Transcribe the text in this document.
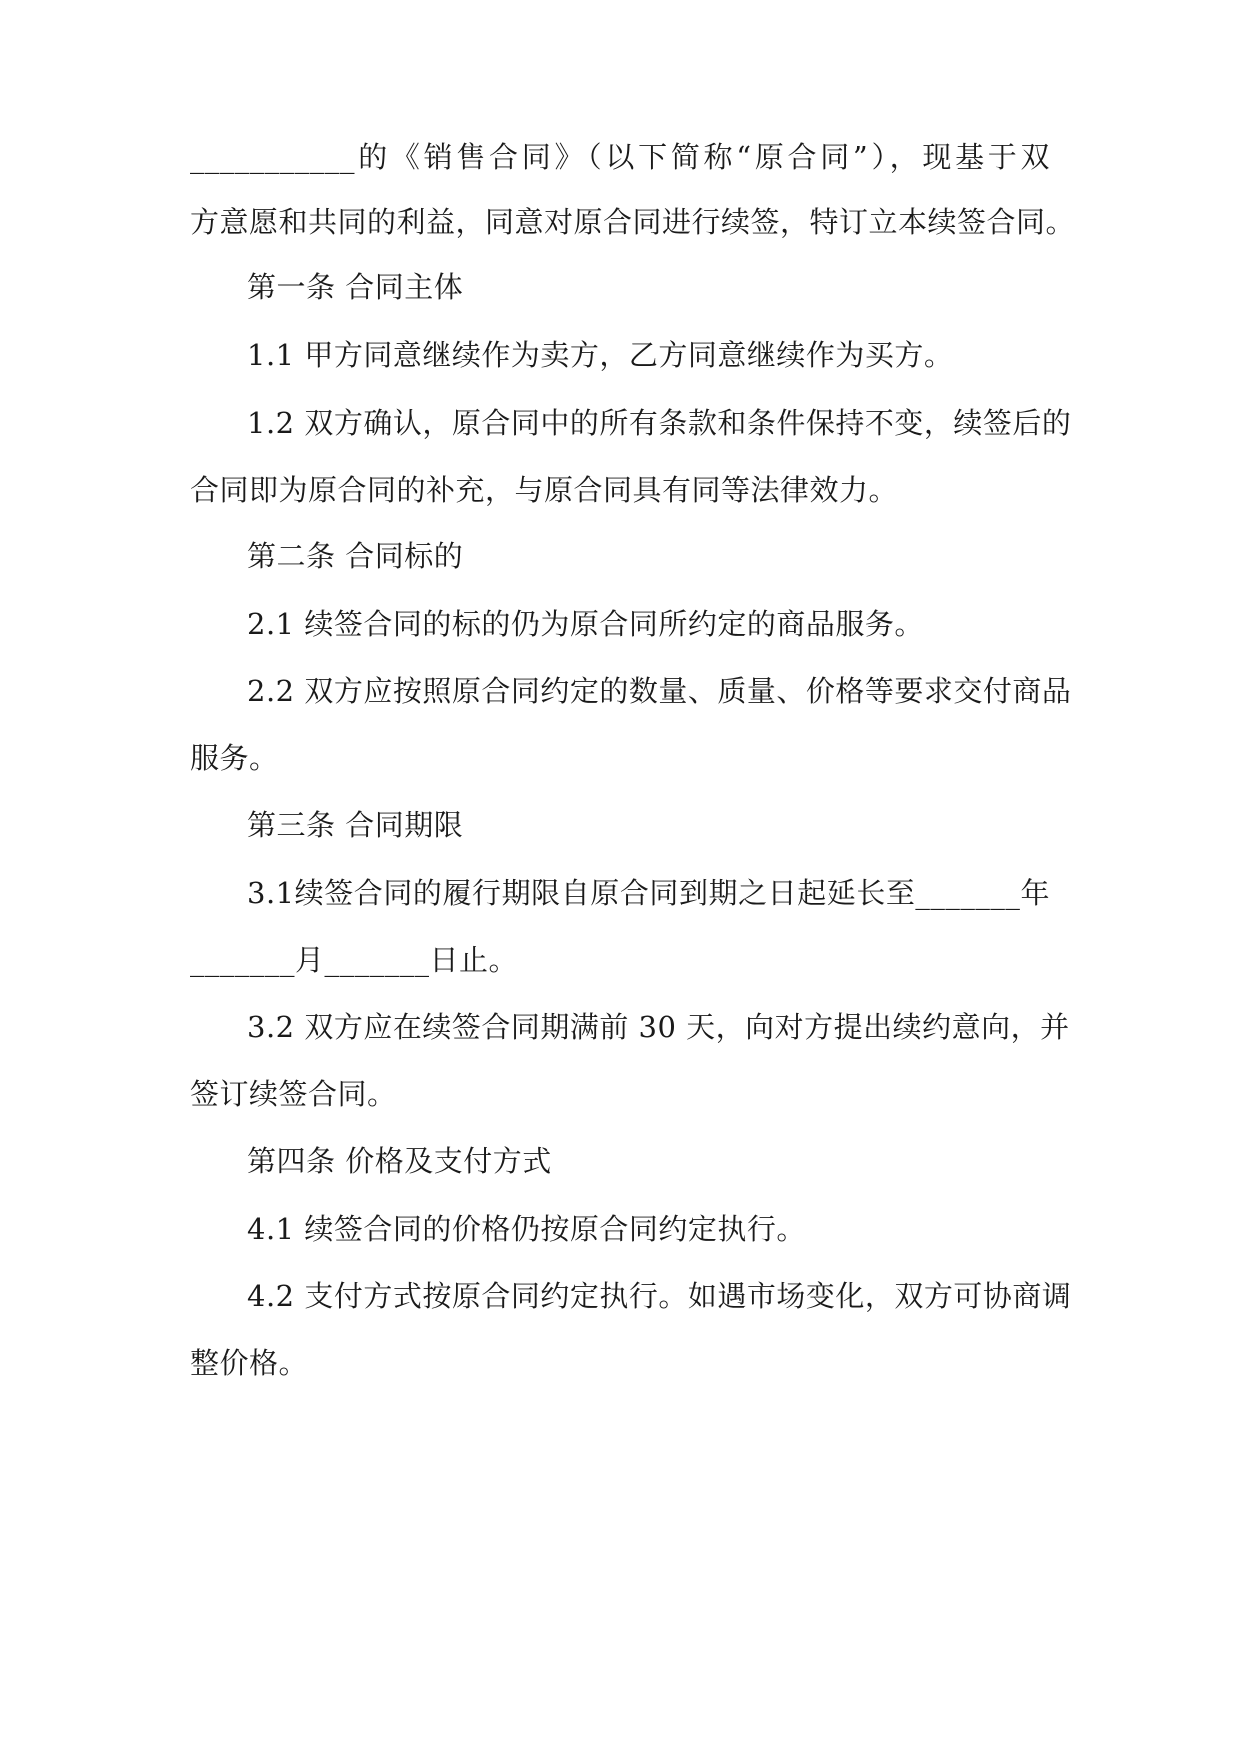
___________的《销售合同》（以下简称“原合同”），现基于双
方意愿和共同的利益，同意对原合同进行续签，特订立本续签合同。
第一条 合同主体
1.1 甲方同意继续作为卖方，乙方同意继续作为买方。
1.2 双方确认，原合同中的所有条款和条件保持不变，续签后的
合同即为原合同的补充，与原合同具有同等法律效力。
第二条 合同标的
2.1 续签合同的标的仍为原合同所约定的商品服务。
2.2 双方应按照原合同约定的数量、质量、价格等要求交付商品
服务。
第三条 合同期限
3.1续签合同的履行期限自原合同到期之日起延长至_______年
_______月_______日止。
3.2 双方应在续签合同期满前 30 天，向对方提出续约意向，并
签订续签合同。
第四条 价格及支付方式
4.1 续签合同的价格仍按原合同约定执行。
4.2 支付方式按原合同约定执行。如遇市场变化，双方可协商调
整价格。
